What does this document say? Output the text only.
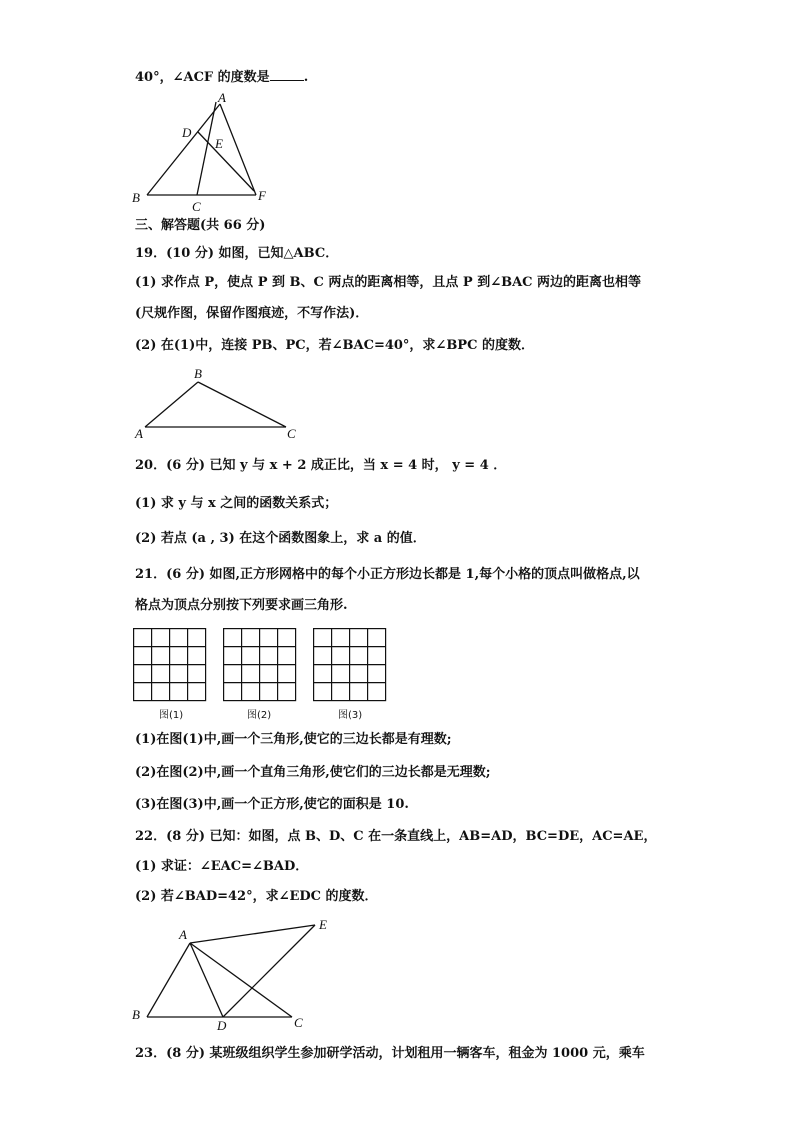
40°，∠ACF 的度数是	.
A
D
E
B
C
F
三、解答题(共 66 分)
19．(10 分) 如图，已知△ABC．
(1) 求作点 P，使点 P 到 B、C 两点的距离相等，且点 P 到∠BAC 两边的距离也相等
(尺规作图，保留作图痕迹，不写作法)．
(2) 在(1)中，连接 PB、PC，若∠BAC=40°，求∠BPC 的度数．
A
B
C
20．(6 分) 已知 y 与 x + 2 成正比，当 x = 4 时， y = 4 ．
(1) 求 y 与 x 之间的函数关系式；
(2) 若点 (a , 3) 在这个函数图象上，求 a 的值．
21．(6 分) 如图,正方形网格中的每个小正方形边长都是 1,每个小格的顶点叫做格点,以
格点为顶点分别按下列要求画三角形.
图(1)	图(2)	图(3)
(1)在图(1)中,画一个三角形,使它的三边长都是有理数;
(2)在图(2)中,画一个直角三角形,使它们的三边长都是无理数;
(3)在图(3)中,画一个正方形,使它的面积是 10.
22．(8 分) 已知：如图，点 B、D、C 在一条直线上，AB=AD，BC=DE，AC=AE，
(1) 求证：∠EAC=∠BAD．
(2) 若∠BAD=42°，求∠EDC 的度数．
A
E
B
D	C
23．(8 分) 某班级组织学生参加研学活动，计划租用一辆客车，租金为 1000 元，乘车
